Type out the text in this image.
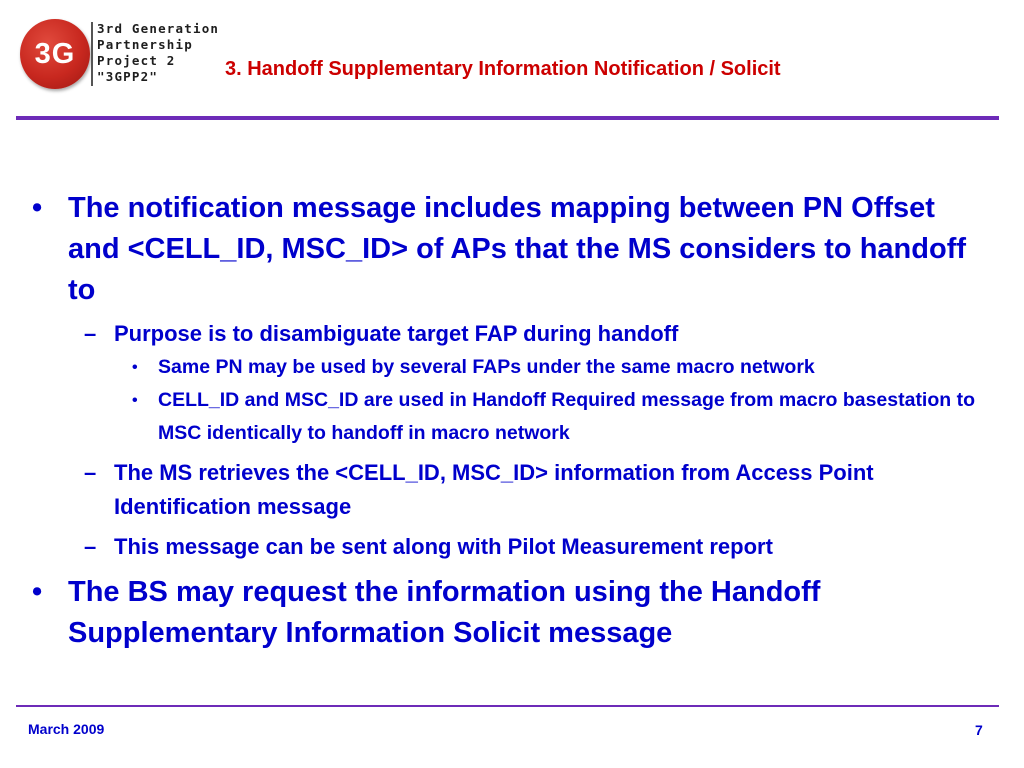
3G
3rd Generation
Partnership
Project 2
"3GPP2"	3. Handoff Supplementary Information Notification / Solicit
• The notification message includes mapping between PN Offset and <CELL_ID, MSC_ID> of APs that the MS considers to handoff to
– Purpose is to disambiguate target FAP during handoff
• Same PN may be used by several FAPs under the same macro network
• CELL_ID and MSC_ID are used in Handoff Required message from macro basestation to MSC identically to handoff in macro network
– The MS retrieves the <CELL_ID, MSC_ID> information from Access Point Identification message
– This message can be sent along with Pilot Measurement report
• The BS may request the information using the Handoff Supplementary Information Solicit message
March 2009	7
